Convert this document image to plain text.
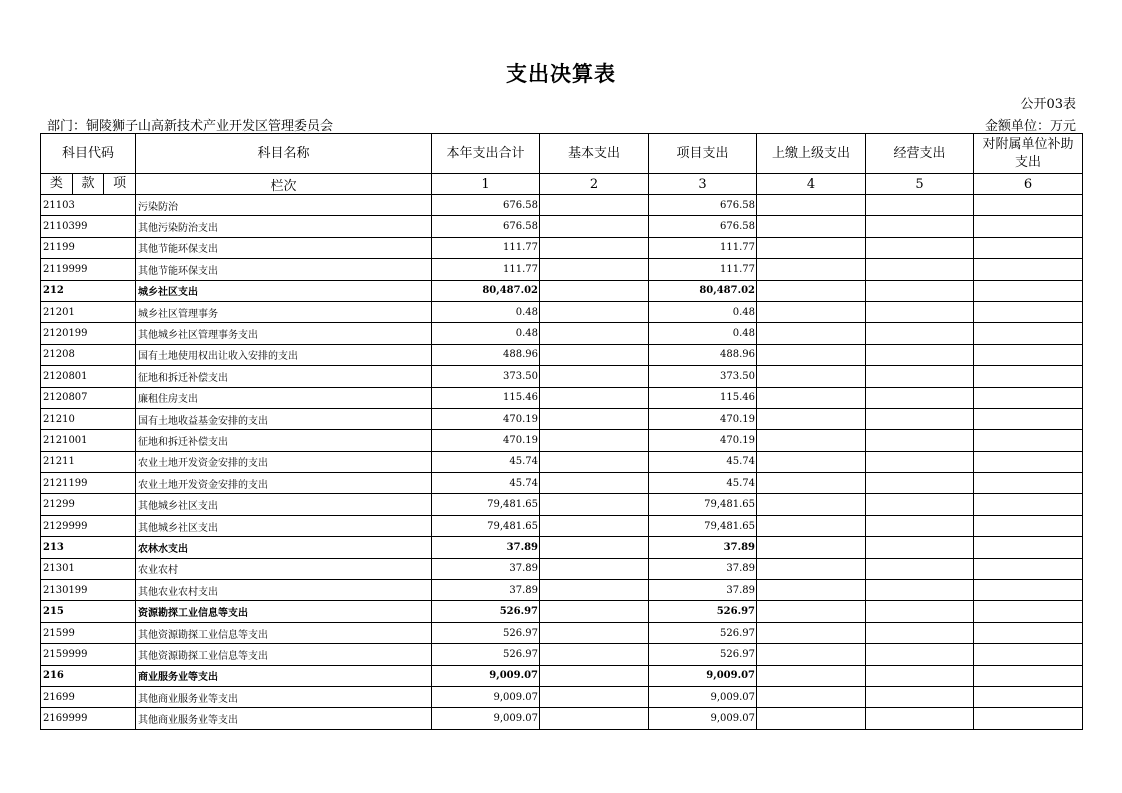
支出决算表
公开03表
部门：铜陵狮子山高新技术产业开发区管理委员会	金额单位：万元
科目代码	科目名称	本年支出合计	基本支出	项目支出	上缴上级支出	经营支出	对附属单位补助支出

类 款 项	栏次	1	2	3	4	5	6
21103	污染防治	676.58		676.58			
2110399	其他污染防治支出	676.58		676.58			
21199	其他节能环保支出	111.77		111.77			
2119999	其他节能环保支出	111.77		111.77			
212	城乡社区支出	80,487.02		80,487.02			
21201	城乡社区管理事务	0.48		0.48			
2120199	其他城乡社区管理事务支出	0.48		0.48			
21208	国有土地使用权出让收入安排的支出	488.96		488.96			
2120801	征地和拆迁补偿支出	373.50		373.50			
2120807	廉租住房支出	115.46		115.46			
21210	国有土地收益基金安排的支出	470.19		470.19			
2121001	征地和拆迁补偿支出	470.19		470.19			
21211	农业土地开发资金安排的支出	45.74		45.74			
2121199	农业土地开发资金安排的支出	45.74		45.74			
21299	其他城乡社区支出	79,481.65		79,481.65			
2129999	其他城乡社区支出	79,481.65		79,481.65			
213	农林水支出	37.89		37.89			
21301	农业农村	37.89		37.89			
2130199	其他农业农村支出	37.89		37.89			
215	资源勘探工业信息等支出	526.97		526.97			
21599	其他资源勘探工业信息等支出	526.97		526.97			
2159999	其他资源勘探工业信息等支出	526.97		526.97			
216	商业服务业等支出	9,009.07		9,009.07			
21699	其他商业服务业等支出	9,009.07		9,009.07			
2169999	其他商业服务业等支出	9,009.07		9,009.07			
